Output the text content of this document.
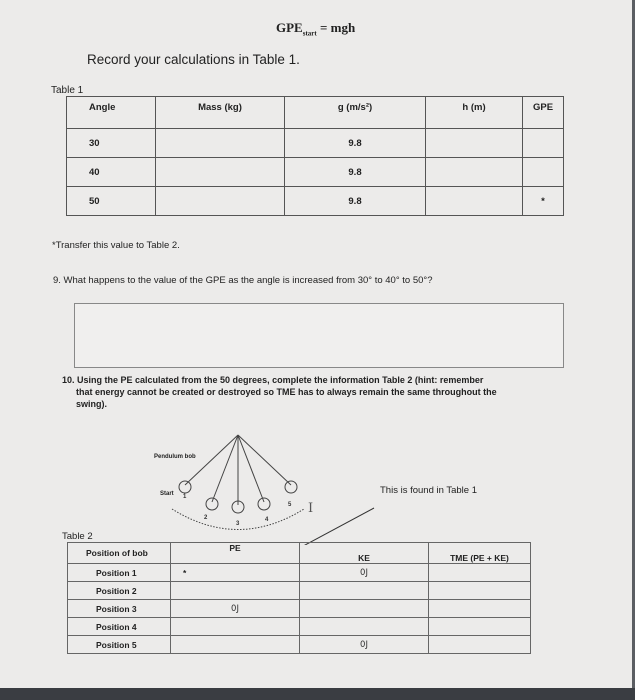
$GPE_{start}$ = mgh
Record your calculations in Table 1.
Table 1
Angle	Mass (kg)	g (m/s²)	h (m)	GPE
30		9.8		
40		9.8		
50		9.8		*
*Transfer this value to Table 2.
9. What happens to the value of the GPE as the angle is increased from 30° to 40° to 50°?
10. Using the PE calculated from the 50 degrees, complete the information Table 2 (hint: remember
that energy cannot be created or destroyed so TME has to always remain the same throughout the
swing).
1
2
3
4
5 I
Pendulum bob
Start	This is found in Table 1
Table 2
Position of bob	PE	KE	TME (PE + KE)
Position 1	*	0J	
Position 2			
Position 3	0J		
Position 4			
Position 5		0J	
